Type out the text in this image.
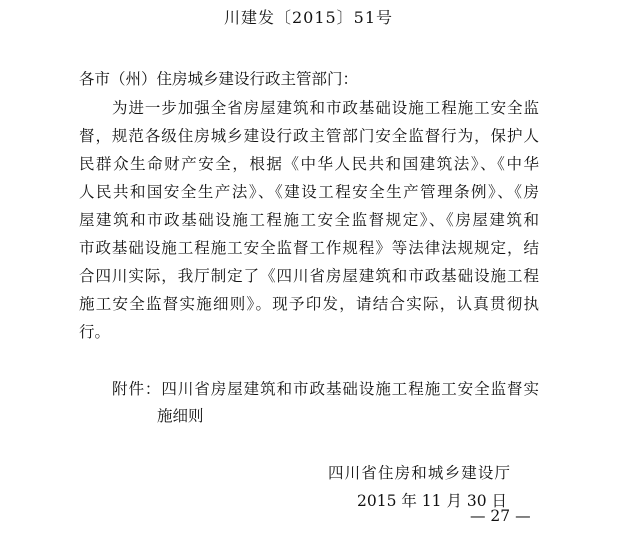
川建发〔2015〕51号
各市（州）住房城乡建设行政主管部门：
为进一步加强全省房屋建筑和市政基础设施工程施工安全监
督，规范各级住房城乡建设行政主管部门安全监督行为，保护人
民群众生命财产安全，根据《中华人民共和国建筑法》、《中华
人民共和国安全生产法》、《建设工程安全生产管理条例》、《房
屋建筑和市政基础设施工程施工安全监督规定》、《房屋建筑和
市政基础设施工程施工安全监督工作规程》等法律法规规定，结
合四川实际，我厅制定了《四川省房屋建筑和市政基础设施工程
施工安全监督实施细则》。现予印发，请结合实际，认真贯彻执
行。
附件：四川省房屋建筑和市政基础设施工程施工安全监督实
施细则
四川省住房和城乡建设厅
2015 年 11 月 30 日
— 27 —
